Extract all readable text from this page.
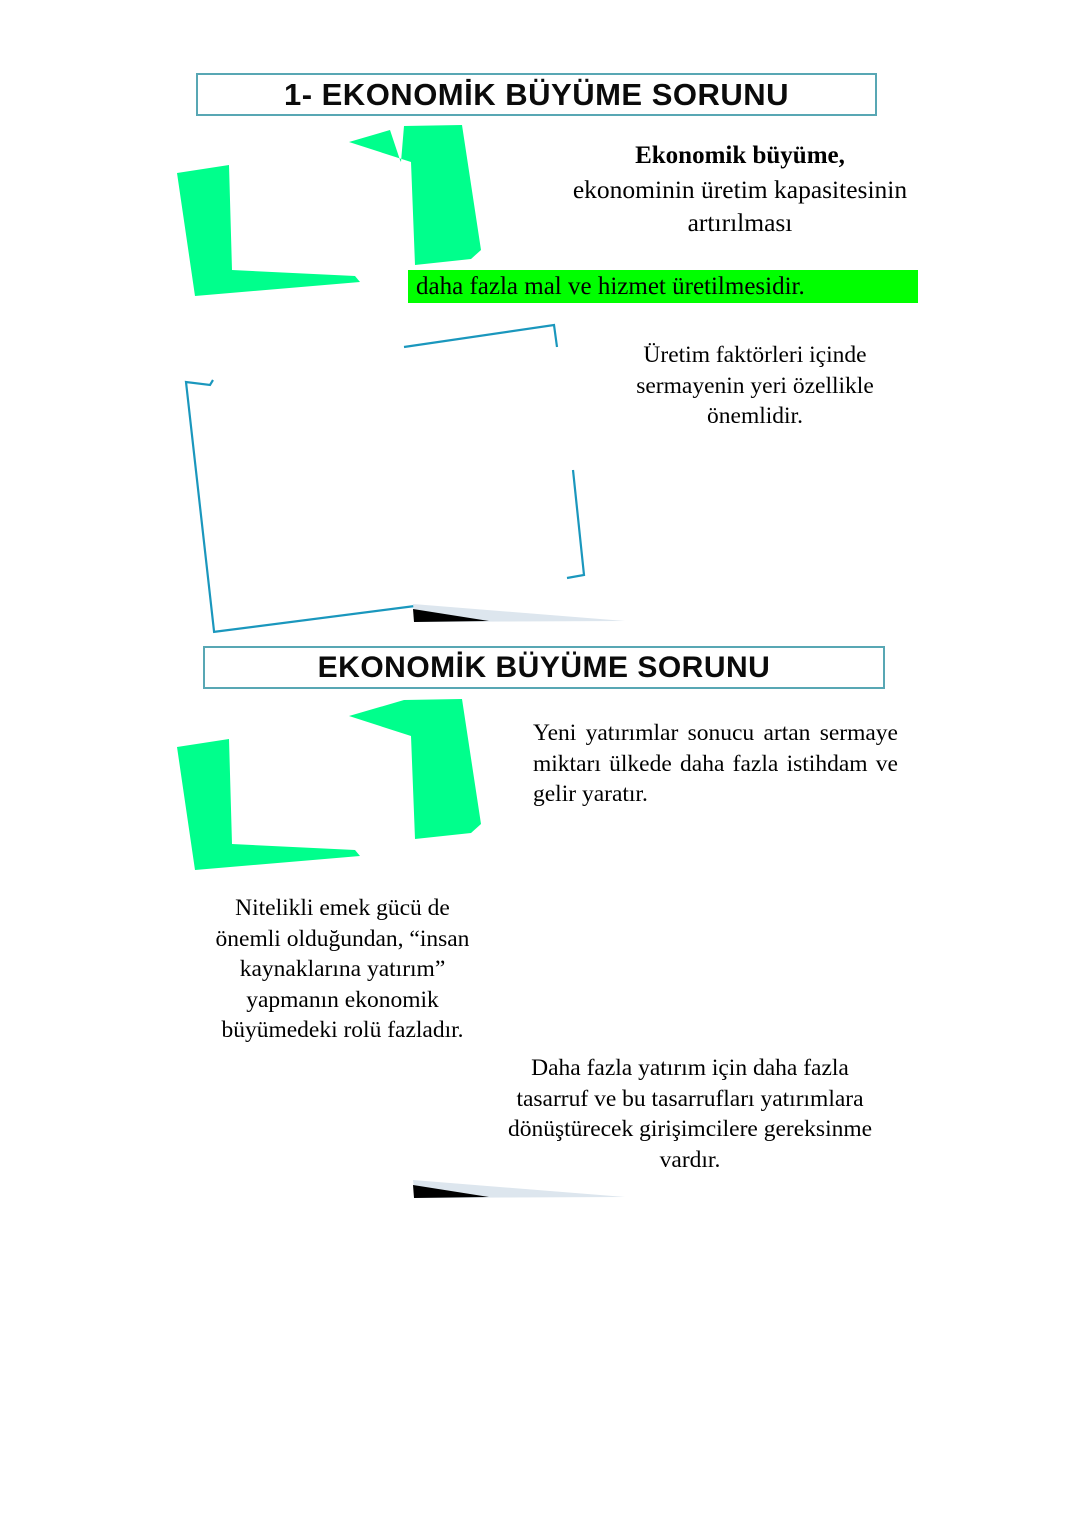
1- EKONOMİK BÜYÜME SORUNU
Ekonomik büyüme,
ekonominin üretim kapasitesinin artırılması
daha fazla mal ve hizmet üretilmesidir.
Üretim faktörleri içinde sermayenin yeri özellikle önemlidir.
EKONOMİK BÜYÜME SORUNU
Yeni yatırımlar sonucu artan sermaye miktarı ülkede daha fazla istihdam ve gelir yaratır.
Nitelikli emek gücü de önemli olduğundan, “insan kaynaklarına yatırım” yapmanın ekonomik büyümedeki rolü fazladır.
Daha fazla yatırım için daha fazla tasarruf ve bu tasarrufları yatırımlara dönüştürecek girişimcilere gereksinme vardır.
